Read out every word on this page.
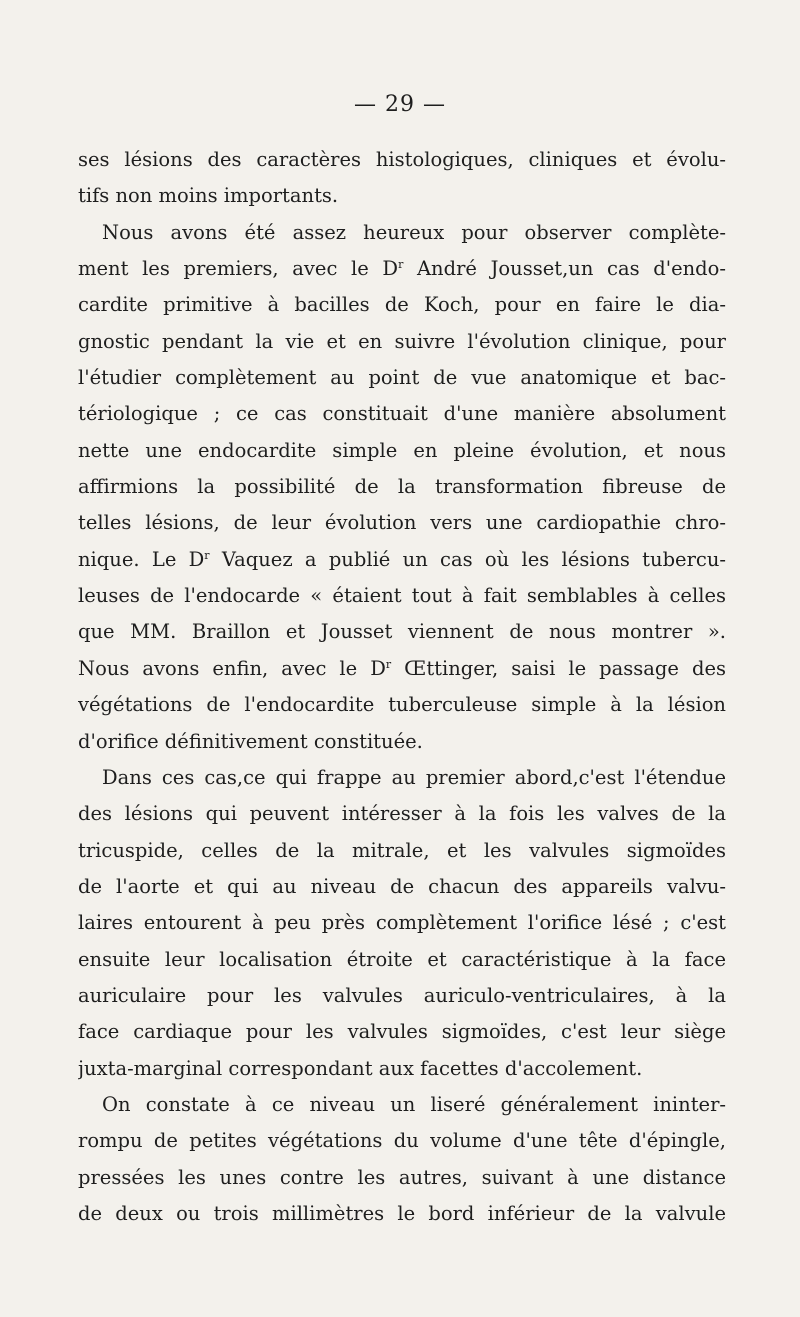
— 29 —
ses lésions des caractères histologiques, cliniques et évolu-
tifs non moins importants.
Nous avons été assez heureux pour observer complète-
ment les premiers, avec le $D^r$ André Jousset,un cas d'endo-
cardite primitive à bacilles de Koch, pour en faire le dia-
gnostic pendant la vie et en suivre l'évolution clinique, pour
l'étudier complètement au point de vue anatomique et bac-
tériologique ; ce cas constituait d'une manière absolument
nette une endocardite simple en pleine évolution, et nous
affirmions la possibilité de la transformation fibreuse de
telles lésions, de leur évolution vers une cardiopathie chro-
nique. Le $D^r$ Vaquez a publié un cas où les lésions tubercu-
leuses de l'endocarde « étaient tout à fait semblables à celles
que MM. Braillon et Jousset viennent de nous montrer ».
Nous avons enfin, avec le $D^r$ Œttinger, saisi le passage des
végétations de l'endocardite tuberculeuse simple à la lésion
d'orifice définitivement constituée.
Dans ces cas,ce qui frappe au premier abord,c'est l'étendue
des lésions qui peuvent intéresser à la fois les valves de la
tricuspide, celles de la mitrale, et les valvules sigmoïdes
de l'aorte et qui au niveau de chacun des appareils valvu-
laires entourent à peu près complètement l'orifice lésé ; c'est
ensuite leur localisation étroite et caractéristique à la face
auriculaire pour les valvules auriculo-ventriculaires, à la
face cardiaque pour les valvules sigmoïdes, c'est leur siège
juxta-marginal correspondant aux facettes d'accolement.
On constate à ce niveau un liseré généralement ininter-
rompu de petites végétations du volume d'une tête d'épingle,
pressées les unes contre les autres, suivant à une distance
de deux ou trois millimètres le bord inférieur de la valvule
